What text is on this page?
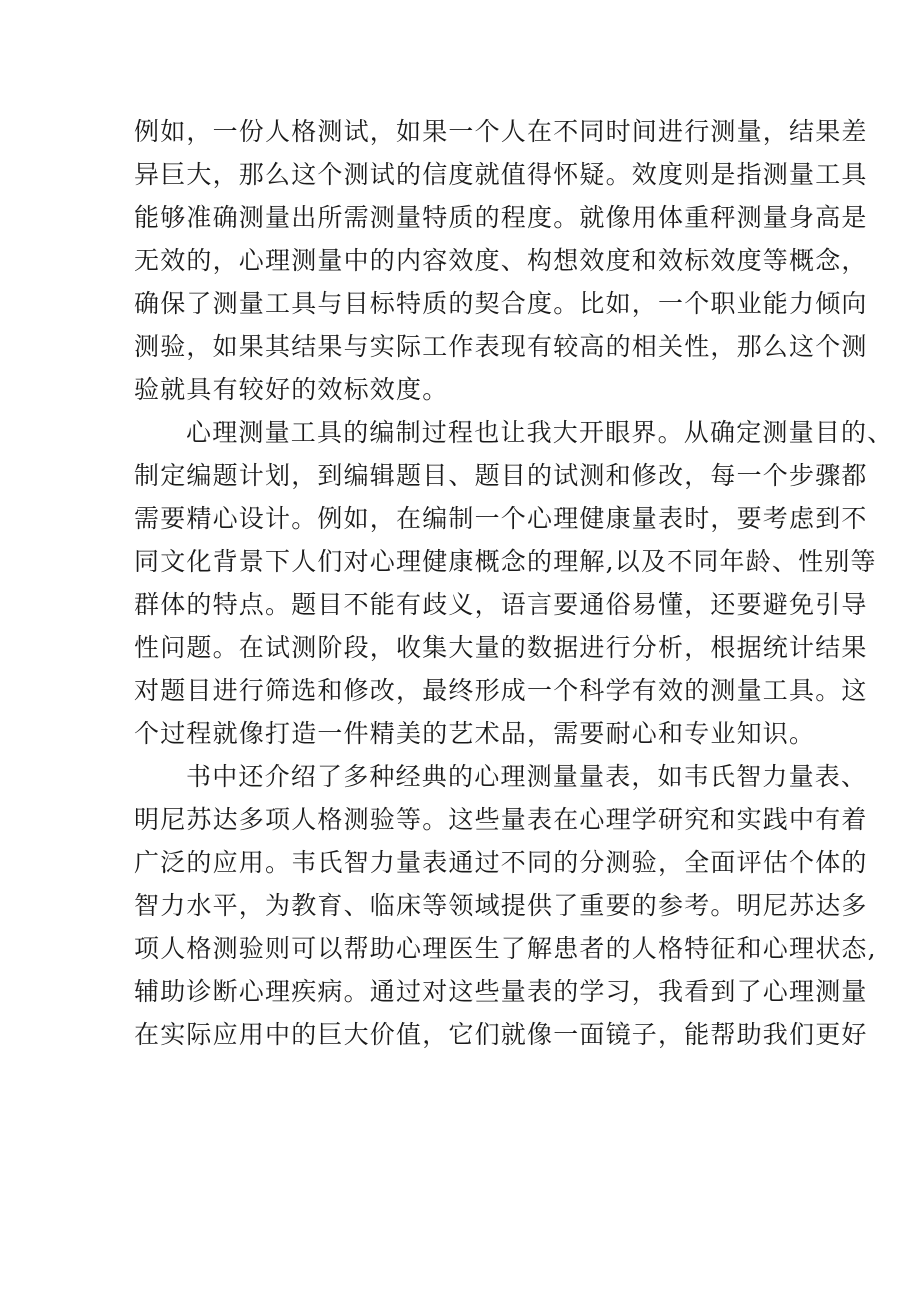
例如，一份人格测试，如果一个人在不同时间进行测量，结果差
异巨大，那么这个测试的信度就值得怀疑。效度则是指测量工具
能够准确测量出所需测量特质的程度。就像用体重秤测量身高是
无效的，心理测量中的内容效度、构想效度和效标效度等概念，
确保了测量工具与目标特质的契合度。比如，一个职业能力倾向
测验，如果其结果与实际工作表现有较高的相关性，那么这个测
验就具有较好的效标效度。
心理测量工具的编制过程也让我大开眼界。从确定测量目的、
制定编题计划，到编辑题目、题目的试测和修改，每一个步骤都
需要精心设计。例如，在编制一个心理健康量表时，要考虑到不
同文化背景下人们对心理健康概念的理解,以及不同年龄、性别等
群体的特点。题目不能有歧义，语言要通俗易懂，还要避免引导
性问题。在试测阶段，收集大量的数据进行分析，根据统计结果
对题目进行筛选和修改，最终形成一个科学有效的测量工具。这
个过程就像打造一件精美的艺术品，需要耐心和专业知识。
书中还介绍了多种经典的心理测量量表，如韦氏智力量表、
明尼苏达多项人格测验等。这些量表在心理学研究和实践中有着
广泛的应用。韦氏智力量表通过不同的分测验，全面评估个体的
智力水平，为教育、临床等领域提供了重要的参考。明尼苏达多
项人格测验则可以帮助心理医生了解患者的人格特征和心理状态,
辅助诊断心理疾病。通过对这些量表的学习，我看到了心理测量
在实际应用中的巨大价值，它们就像一面镜子，能帮助我们更好
